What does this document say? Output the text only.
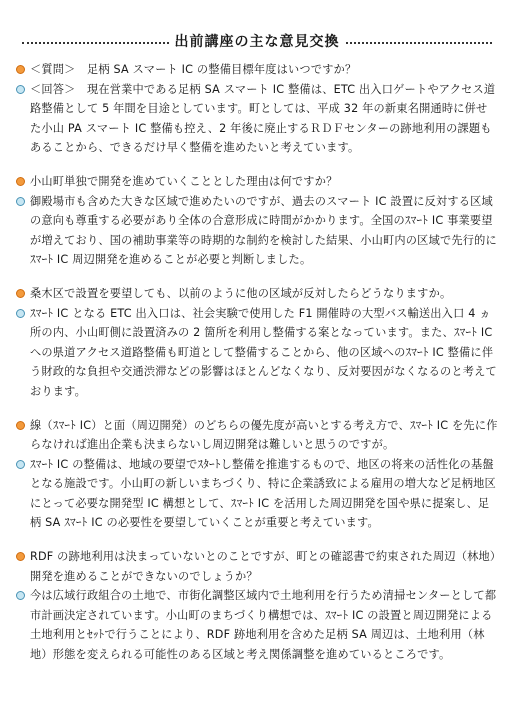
出前講座の主な意見交換
＜質問＞　足柄 SA スマート IC の整備目標年度はいつですか？
＜回答＞　現在営業中である足柄 SA スマート IC 整備は、ETC 出入口ゲートやアクセス道路整備として 5 年間を目途としています。町としては、平成 32 年の新東名開通時に併せた小山 PA スマート IC 整備も控え、2 年後に廃止するＲＤＦセンターの跡地利用の課題もあることから、できるだけ早く整備を進めたいと考えています。
小山町単独で開発を進めていくこととした理由は何ですか？
御殿場市も含めた大きな区域で進めたいのですが、過去のスマート IC 設置に反対する区域の意向も尊重する必要があり全体の合意形成に時間がかかります。全国のｽﾏｰﾄ IC 事業要望が増えており、国の補助事業等の時期的な制約を検討した結果、小山町内の区域で先行的にｽﾏｰﾄ IC 周辺開発を進めることが必要と判断しました。
桑木区で設置を要望しても、以前のように他の区域が反対したらどうなりますか。
ｽﾏｰﾄ IC となる ETC 出入口は、社会実験で使用した F1 開催時の大型バス輸送出入口 4 ヵ所の内、小山町側に設置済みの 2 箇所を利用し整備する案となっています。また、ｽﾏｰﾄ IC への県道アクセス道路整備も町道として整備することから、他の区域へのｽﾏｰﾄ IC 整備に伴う財政的な負担や交通渋滞などの影響はほとんどなくなり、反対要因がなくなるのと考えております。
線（ｽﾏｰﾄ IC）と面（周辺開発）のどちらの優先度が高いとする考え方で、ｽﾏｰﾄ IC を先に作らなければ進出企業も決まらないし周辺開発は難しいと思うのですが。
ｽﾏｰﾄ IC の整備は、地域の要望でｽﾀｰﾄし整備を推進するもので、地区の将来の活性化の基盤となる施設です。小山町の新しいまちづくり、特に企業誘致による雇用の増大など足柄地区にとって必要な開発型 IC 構想として、ｽﾏｰﾄ IC を活用した周辺開発を国や県に提案し、足柄 SA ｽﾏｰﾄ IC の必要性を要望していくことが重要と考えています。
RDF の跡地利用は決まっていないとのことですが、町との確認書で約束された周辺（林地）開発を進めることができないのでしょうか？
今は広域行政組合の土地で、市街化調整区域内で土地利用を行うため清掃センターとして都市計画決定されています。小山町のまちづくり構想では、ｽﾏｰﾄ IC の設置と周辺開発による土地利用とｾｯﾄで行うことにより、RDF 跡地利用を含めた足柄 SA 周辺は、土地利用（林地）形態を変えられる可能性のある区域と考え関係調整を進めているところです。
